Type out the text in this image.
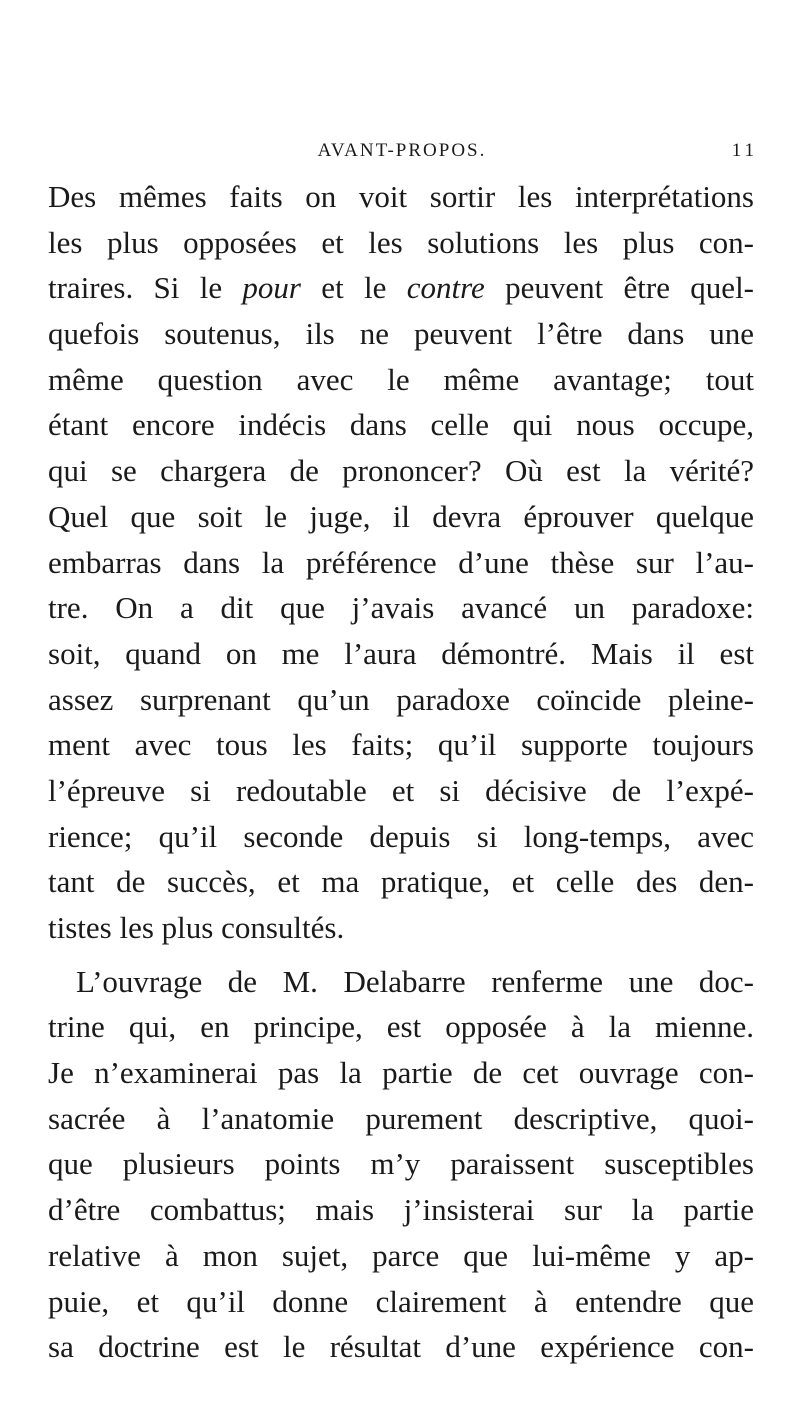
AVANT-PROPOS.	11
Des mêmes faits on voit sortir les interprétations
les plus opposées et les solutions les plus con-
traires. Si le pour et le contre peuvent être quel-
quefois soutenus, ils ne peuvent l’être dans une
même question avec le même avantage; tout
étant encore indécis dans celle qui nous occupe,
qui se chargera de prononcer? Où est la vérité?
Quel que soit le juge, il devra éprouver quelque
embarras dans la préférence d’une thèse sur l’au-
tre. On a dit que j’avais avancé un paradoxe:
soit, quand on me l’aura démontré. Mais il est
assez surprenant qu’un paradoxe coïncide pleine-
ment avec tous les faits; qu’il supporte toujours
l’épreuve si redoutable et si décisive de l’expé-
rience; qu’il seconde depuis si long-temps, avec
tant de succès, et ma pratique, et celle des den-
tistes les plus consultés.
L’ouvrage de M. Delabarre renferme une doc-
trine qui, en principe, est opposée à la mienne.
Je n’examinerai pas la partie de cet ouvrage con-
sacrée à l’anatomie purement descriptive, quoi-
que plusieurs points m’y paraissent susceptibles
d’être combattus; mais j’insisterai sur la partie
relative à mon sujet, parce que lui-même y ap-
puie, et qu’il donne clairement à entendre que
sa doctrine est le résultat d’une expérience con-
